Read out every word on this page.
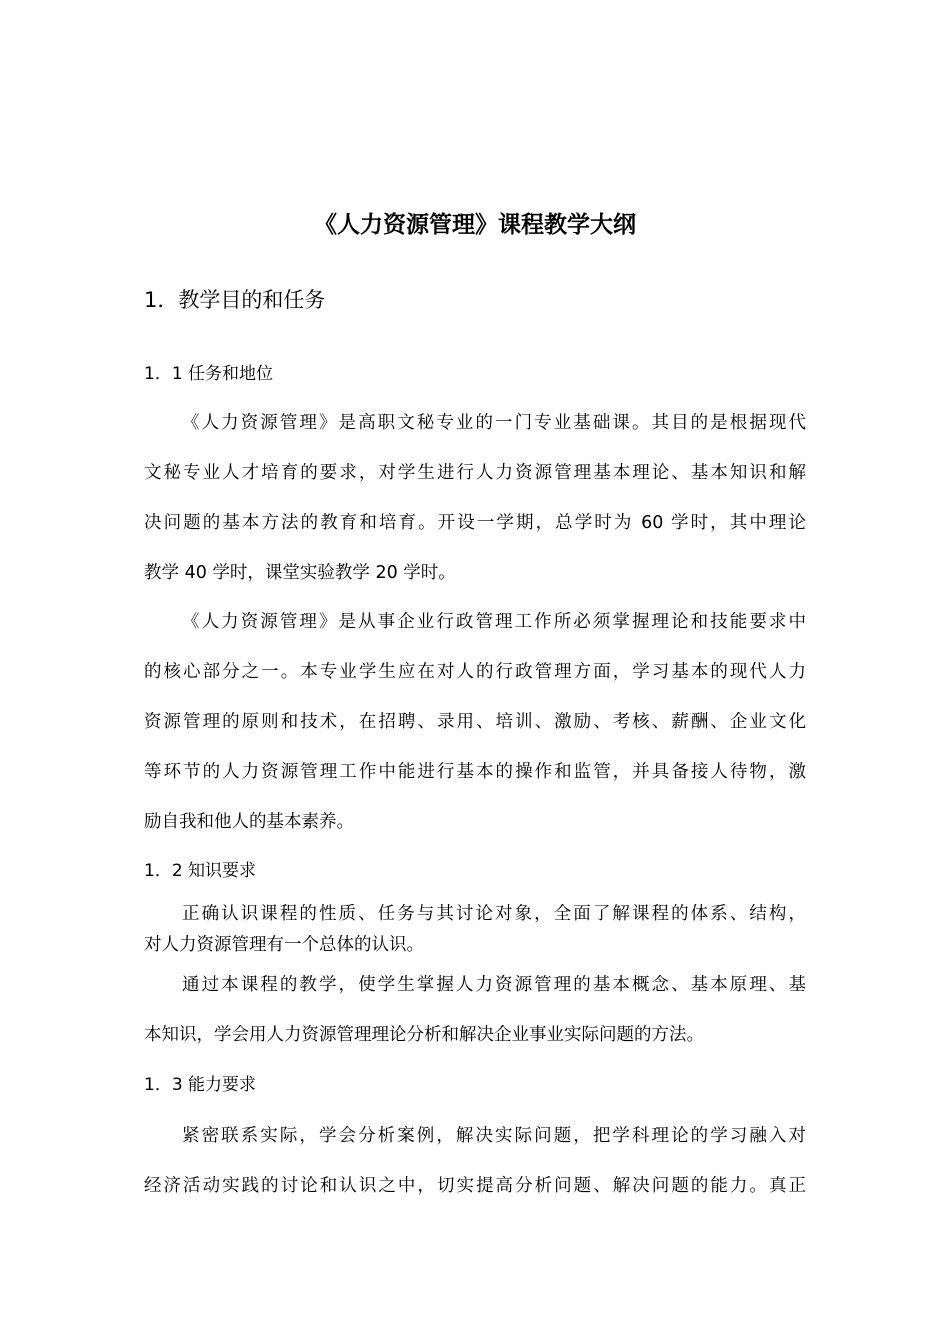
《人力资源管理》课程教学大纲
1．教学目的和任务
1．1 任务和地位
《人力资源管理》是高职文秘专业的一门专业基础课。其目的是根据现代
文秘专业人才培育的要求，对学生进行人力资源管理基本理论、基本知识和解
决问题的基本方法的教育和培育。开设一学期，总学时为 60 学时，其中理论
教学 40 学时，课堂实验教学 20 学时。
《人力资源管理》是从事企业行政管理工作所必须掌握理论和技能要求中
的核心部分之一。本专业学生应在对人的行政管理方面，学习基本的现代人力
资源管理的原则和技术，在招聘、录用、培训、激励、考核、薪酬、企业文化
等环节的人力资源管理工作中能进行基本的操作和监管，并具备接人待物，激
励自我和他人的基本素养。
1．2 知识要求
正确认识课程的性质、任务与其讨论对象，全面了解课程的体系、结构，
对人力资源管理有一个总体的认识。
通过本课程的教学，使学生掌握人力资源管理的基本概念、基本原理、基
本知识，学会用人力资源管理理论分析和解决企业事业实际问题的方法。
1．3 能力要求
紧密联系实际，学会分析案例，解决实际问题，把学科理论的学习融入对
经济活动实践的讨论和认识之中，切实提高分析问题、解决问题的能力。真正
